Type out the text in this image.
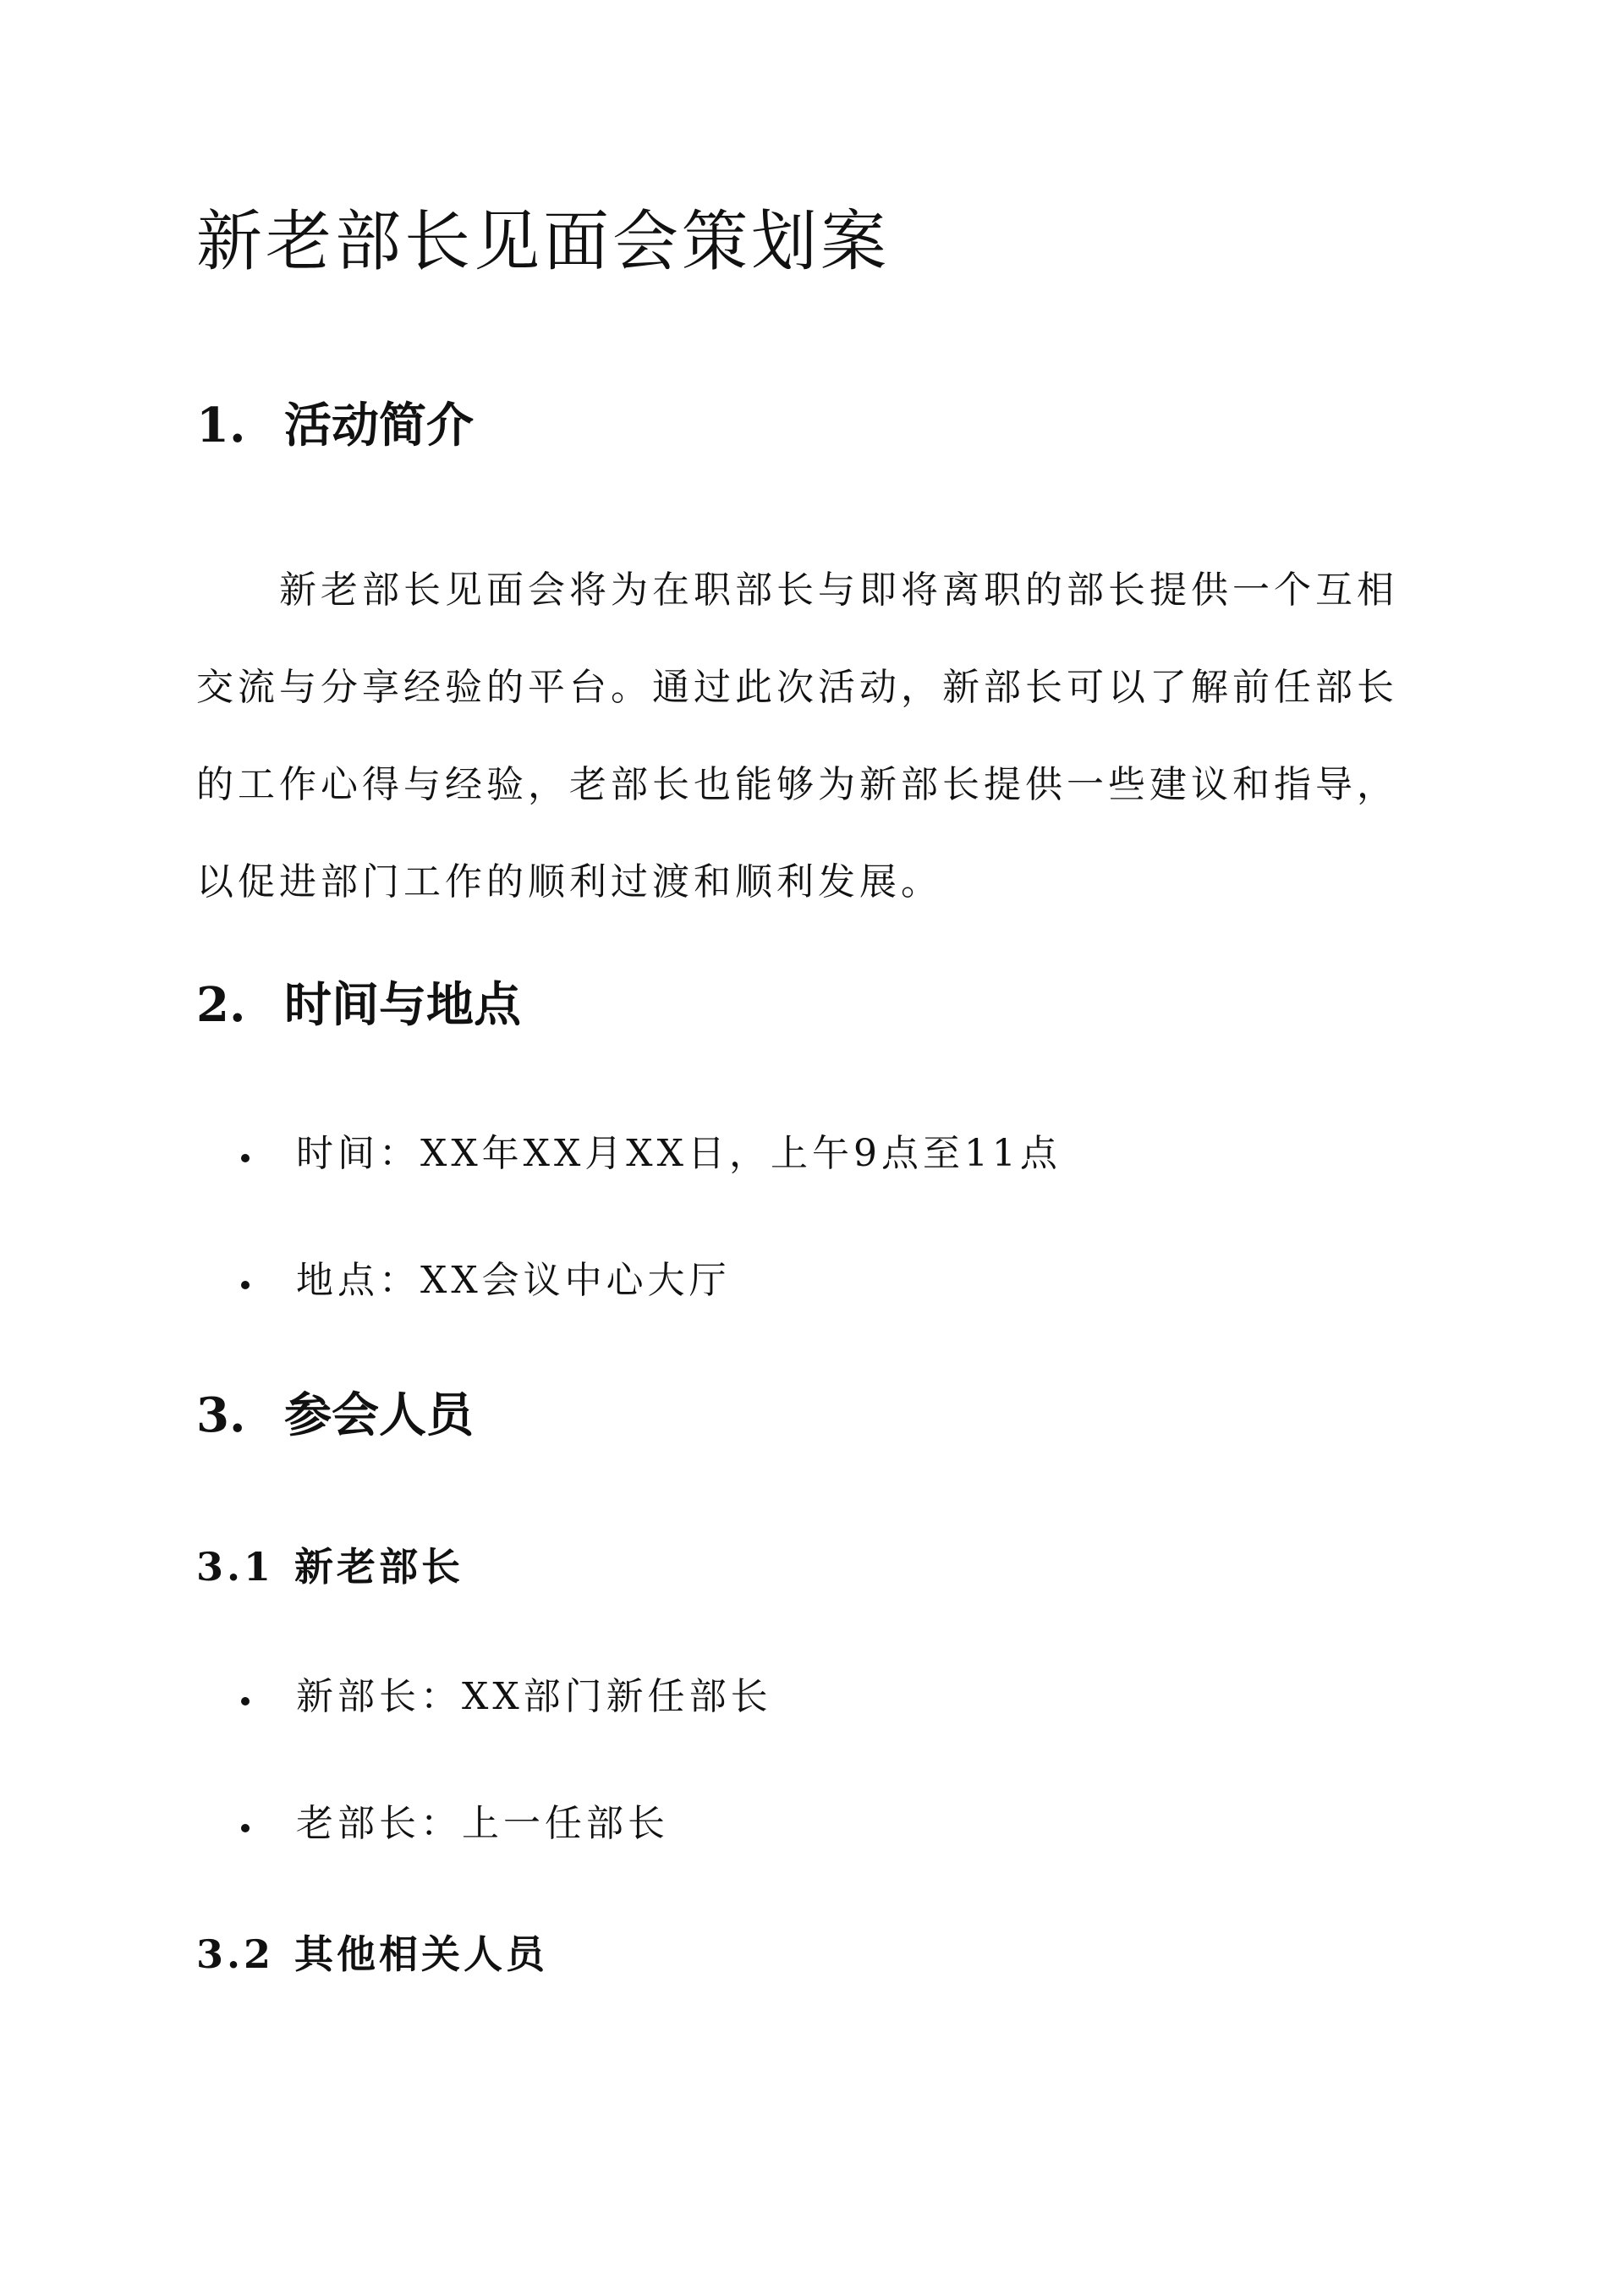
新老部长见面会策划案
1. 活动简介

新老部长见面会将为在职部长与即将离职的部长提供一个互相交流与分享经验的平台。通过此次活动，新部长可以了解前任部长的工作心得与经验，老部长也能够为新部长提供一些建议和指导，以促进部门工作的顺利过渡和顺利发展。

2. 时间与地点
时间：XX年XX月XX日，上午9点至11点
地点：XX会议中心大厅
3. 参会人员
3.1 新老部长
新部长：XX部门新任部长
老部长：上一任部长
3.2 其他相关人员
